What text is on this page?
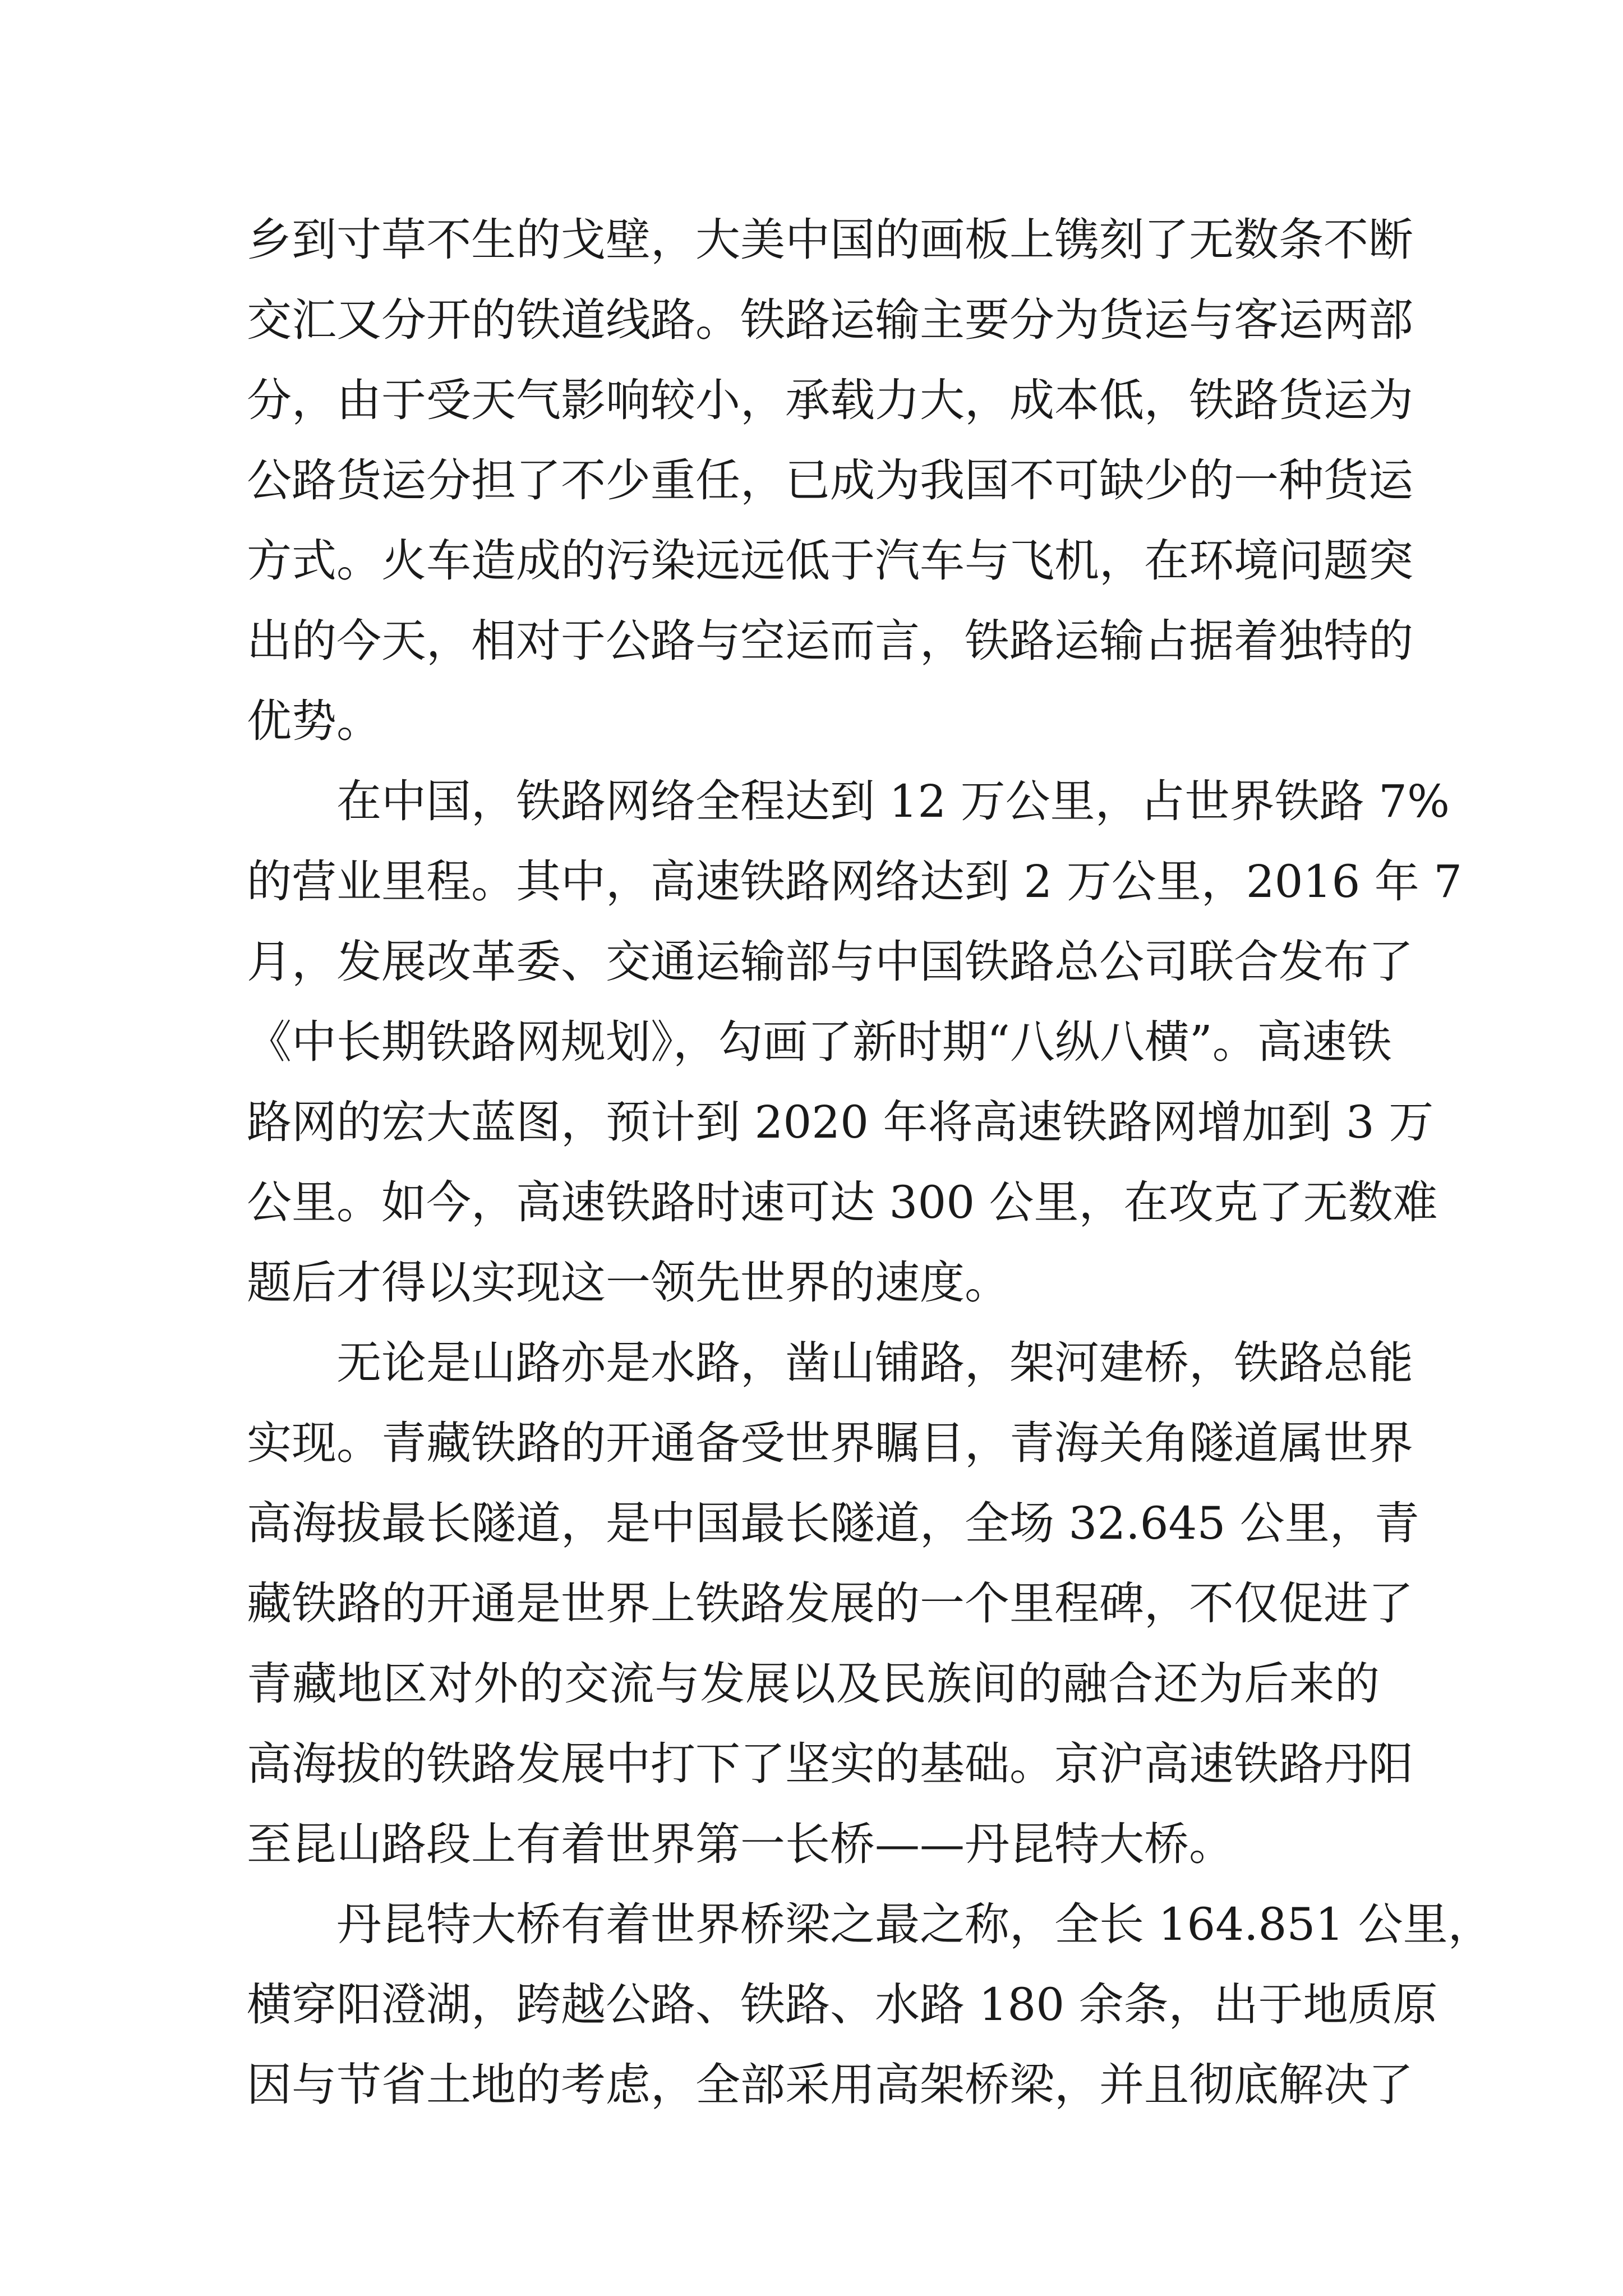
乡到寸草不生的戈壁，大美中国的画板上镌刻了无数条不断
交汇又分开的铁道线路。铁路运输主要分为货运与客运两部
分，由于受天气影响较小，承载力大，成本低，铁路货运为
公路货运分担了不少重任，已成为我国不可缺少的一种货运
方式。火车造成的污染远远低于汽车与飞机，在环境问题突
出的今天，相对于公路与空运而言，铁路运输占据着独特的
优势。
在中国，铁路网络全程达到 12 万公里，占世界铁路 7%
的营业里程。其中，高速铁路网络达到 2 万公里，2016 年 7
月，发展改革委、交通运输部与中国铁路总公司联合发布了
《中长期铁路网规划》，勾画了新时期“八纵八横”。高速铁
路网的宏大蓝图，预计到 2020 年将高速铁路网增加到 3 万
公里。如今，高速铁路时速可达 300 公里，在攻克了无数难
题后才得以实现这一领先世界的速度。
无论是山路亦是水路，凿山铺路，架河建桥，铁路总能
实现。青藏铁路的开通备受世界瞩目，青海关角隧道属世界
高海拔最长隧道，是中国最长隧道，全场 32.645 公里，青
藏铁路的开通是世界上铁路发展的一个里程碑，不仅促进了
青藏地区对外的交流与发展以及民族间的融合还为后来的
高海拔的铁路发展中打下了坚实的基础。京沪高速铁路丹阳
至昆山路段上有着世界第一长桥——丹昆特大桥。
丹昆特大桥有着世界桥梁之最之称，全长 164.851 公里，
横穿阳澄湖，跨越公路、铁路、水路 180 余条，出于地质原
因与节省土地的考虑，全部采用高架桥梁，并且彻底解决了
